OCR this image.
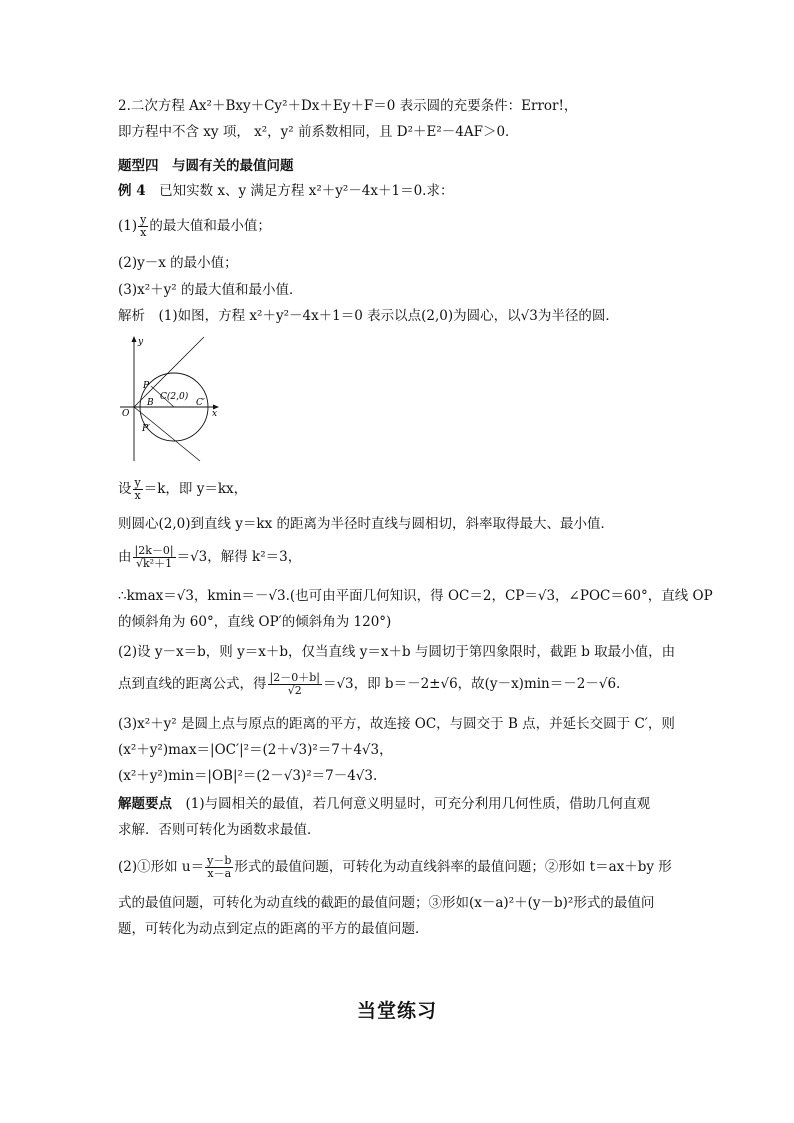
2.二次方程 Ax²＋Bxy＋Cy²＋Dx＋Ey＋F＝0 表示圆的充要条件：Error!，
即方程中不含 xy 项， x²，y² 前系数相同，且 D²＋E²－4AF＞0．
题型四　与圆有关的最值问题
例 4　已知实数 x、y 满足方程 x²＋y²－4x＋1＝0.求：
$(1) \frac{y}{x}$ 的最大值和最小值；
(2)y－x 的最小值；
(3)x²＋y² 的最大值和最小值．
解析　(1)如图，方程 x²＋y²－4x＋1＝0 表示以点(2,0)为圆心，以√3为半径的圆．
y
x
O
P
B
C(2,0)
C′
P′
设 $\frac{y}{x} =k$，即 y＝kx，
则圆心(2,0)到直线 y＝kx 的距离为半径时直线与圆相切，斜率取得最大、最小值．
由 $\frac{|2k-0|}{\text{√k²＋1}} =√3$，解得 k²＝3，
∴kmax＝√3，kmin＝－√3.(也可由平面几何知识，得 OC＝2，CP＝√3，∠POC＝60°，直线 OP
的倾斜角为 60°，直线 OP′的倾斜角为 120°)
(2)设 y－x＝b，则 y＝x＋b，仅当直线 y＝x＋b 与圆切于第四象限时，截距 b 取最小值，由
点到直线的距离公式，得 $\frac{|2-0+b|}{√2} =√3$，即 b＝－2±√6，故(y－x)min＝－2－√6.
(3)x²＋y² 是圆上点与原点的距离的平方，故连接 OC，与圆交于 B 点，并延长交圆于 C′，则
(x²＋y²)max＝|OC′|²＝(2＋√3)²＝7＋4√3，
(x²＋y²)min＝|OB|²＝(2－√3)²＝7－4√3.
解题要点　(1)与圆相关的最值，若几何意义明显时，可充分利用几何性质，借助几何直观
求解．否则可转化为函数求最值．
(2)①形如 $u= \frac{y-b}{x-a}$ 形式的最值问题，可转化为动直线斜率的最值问题；②形如 t＝ax＋by 形
式的最值问题，可转化为动直线的截距的最值问题；③形如(x－a)²＋(y－b)²形式的最值问
题，可转化为动点到定点的距离的平方的最值问题．
当堂练习
